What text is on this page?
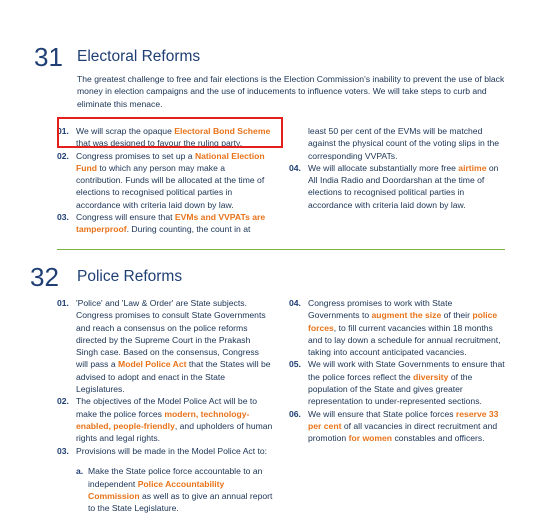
31 Electoral Reforms
The greatest challenge to free and fair elections is the Election Commission's inability to prevent the use of black money in election campaigns and the use of inducements to influence voters. We will take steps to curb and eliminate this menace.

01. We will scrap the opaque Electoral Bond Scheme that was designed to favour the ruling party.

02. Congress promises to set up a National Election Fund to which any person may make a contribution. Funds will be allocated at the time of elections to recognised political parties in accordance with criteria laid down by law.

03. Congress will ensure that EVMs and VVPATs are tamperproof. During counting, the count in at

least 50 per cent of the EVMs will be matched against the physical count of the voting slips in the corresponding VVPATs.

04. We will allocate substantially more free airtime on All India Radio and Doordarshan at the time of elections to recognised political parties in accordance with criteria laid down by law.

32 Police Reforms

01. 'Police' and 'Law & Order' are State subjects. Congress promises to consult State Governments and reach a consensus on the police reforms directed by the Supreme Court in the Prakash Singh case. Based on the consensus, Congress will pass a Model Police Act that the States will be advised to adopt and enact in the State Legislatures.

02. The objectives of the Model Police Act will be to make the police forces modern, technology-enabled, people-friendly, and upholders of human rights and legal rights.

03. Provisions will be made in the Model Police Act to:

a. Make the State police force accountable to an independent Police Accountability Commission as well as to give an annual report to the State Legislature.

04. Congress promises to work with State Governments to augment the size of their police forces, to fill current vacancies within 18 months and to lay down a schedule for annual recruitment, taking into account anticipated vacancies.

05. We will work with State Governments to ensure that the police forces reflect the diversity of the population of the State and gives greater representation to under-represented sections.

06. We will ensure that State police forces reserve 33 per cent of all vacancies in direct recruitment and promotion for women constables and officers.
